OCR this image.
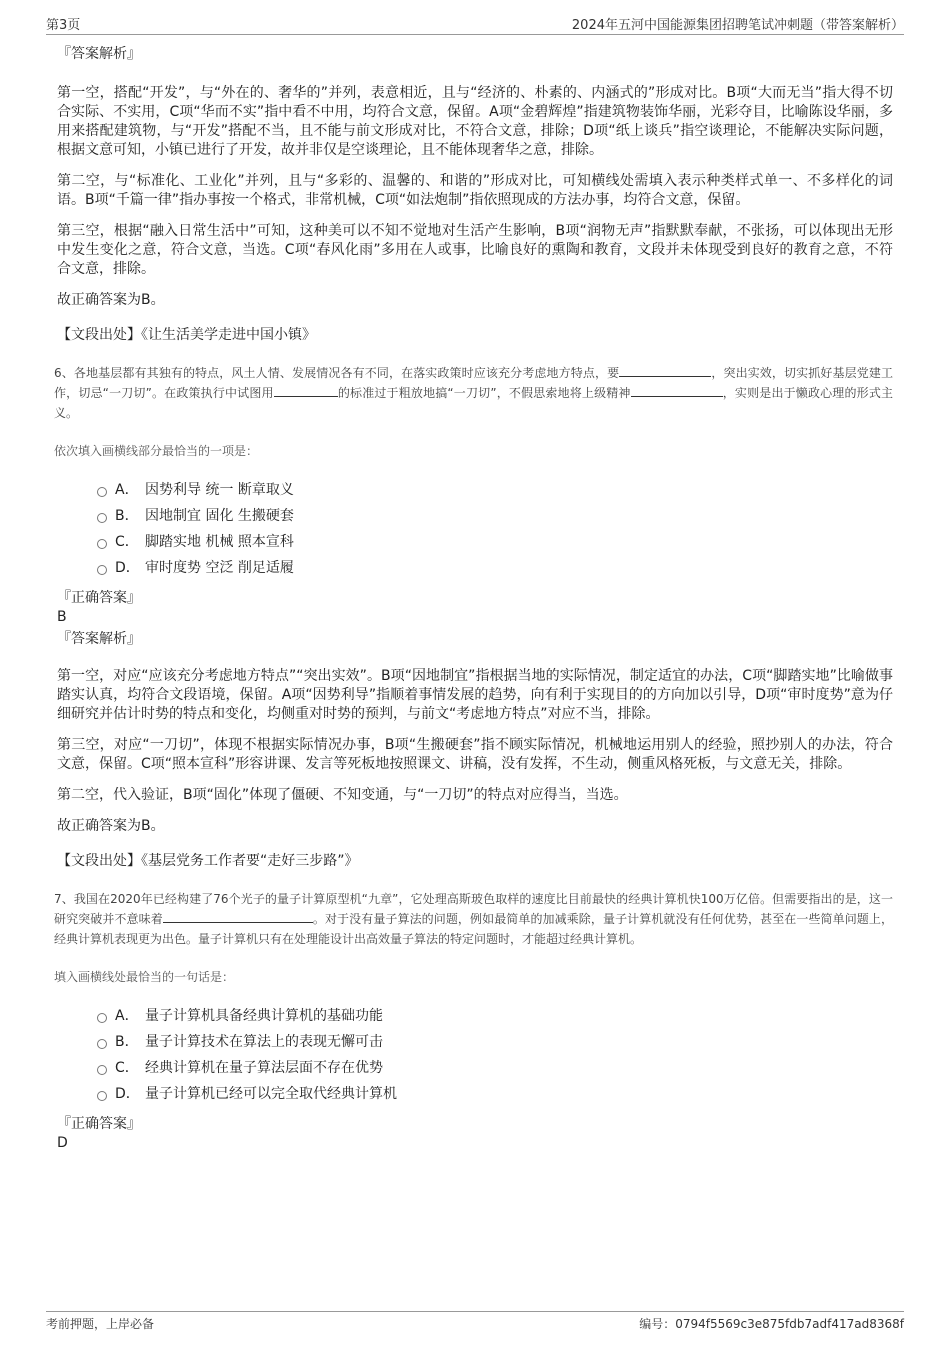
第3页	2024年五河中国能源集团招聘笔试冲刺题（带答案解析）
『答案解析』

第一空，搭配“开发”，与“外在的、奢华的”并列，表意相近，且与“经济的、朴素的、内涵式的”形成对比。B项“大而无当”指大得不切合实际、不实用，C项“华而不实”指中看不中用，均符合文意，保留。A项“金碧辉煌”指建筑物装饰华丽，光彩夺目，比喻陈设华丽，多用来搭配建筑物，与“开发”搭配不当，且不能与前文形成对比，不符合文意，排除；D项“纸上谈兵”指空谈理论，不能解决实际问题，根据文意可知，小镇已进行了开发，故并非仅是空谈理论，且不能体现奢华之意，排除。

第二空，与“标准化、工业化”并列，且与“多彩的、温馨的、和谐的”形成对比，可知横线处需填入表示种类样式单一、不多样化的词语。B项“千篇一律”指办事按一个格式，非常机械，C项“如法炮制”指依照现成的方法办事，均符合文意，保留。

第三空，根据“融入日常生活中”可知，这种美可以不知不觉地对生活产生影响，B项“润物无声”指默默奉献，不张扬，可以体现出无形中发生变化之意，符合文意，当选。C项“春风化雨”多用在人或事，比喻良好的熏陶和教育，文段并未体现受到良好的教育之意，不符合文意，排除。

故正确答案为B。

【文段出处】《让生活美学走进中国小镇》
6、各地基层都有其独有的特点，风土人情、发展情况各有不同，在落实政策时应该充分考虑地方特点，要	，突出实效，切实抓好基层党建工作，切忌“一刀切”。在政策执行中试图用	的标准过于粗放地搞“一刀切”，不假思索地将上级精神	，实则是出于懒政心理的形式主义。
依次填入画横线部分最恰当的一项是：
A． 因势利导 统一 断章取义
B． 因地制宜 固化 生搬硬套
C． 脚踏实地 机械 照本宣科
D． 审时度势 空泛 削足适履
『正确答案』
B
『答案解析』

第一空，对应“应该充分考虑地方特点”“突出实效”。B项“因地制宜”指根据当地的实际情况，制定适宜的办法，C项“脚踏实地”比喻做事踏实认真，均符合文段语境，保留。A项“因势利导”指顺着事情发展的趋势，向有利于实现目的的方向加以引导，D项“审时度势”意为仔细研究并估计时势的特点和变化，均侧重对时势的预判，与前文“考虑地方特点”对应不当，排除。

第三空，对应“一刀切”，体现不根据实际情况办事，B项“生搬硬套”指不顾实际情况，机械地运用别人的经验，照抄别人的办法，符合文意，保留。C项“照本宣科”形容讲课、发言等死板地按照课文、讲稿，没有发挥，不生动，侧重风格死板，与文意无关，排除。

第二空，代入验证，B项“固化”体现了僵硬、不知变通，与“一刀切”的特点对应得当，当选。

故正确答案为B。

【文段出处】《基层党务工作者要“走好三步路”》
7、我国在2020年已经构建了76个光子的量子计算原型机“九章”，它处理高斯玻色取样的速度比目前最快的经典计算机快100万亿倍。但需要指出的是，这一研究突破并不意味着	。对于没有量子算法的问题，例如最简单的加减乘除，量子计算机就没有任何优势，甚至在一些简单问题上，经典计算机表现更为出色。量子计算机只有在处理能设计出高效量子算法的特定问题时，才能超过经典计算机。
填入画横线处最恰当的一句话是：
A． 量子计算机具备经典计算机的基础功能
B． 量子计算技术在算法上的表现无懈可击
C． 经典计算机在量子算法层面不存在优势
D． 量子计算机已经可以完全取代经典计算机
『正确答案』
D
考前押题，上岸必备	编号：0794f5569c3e875fdb7adf417ad8368f
